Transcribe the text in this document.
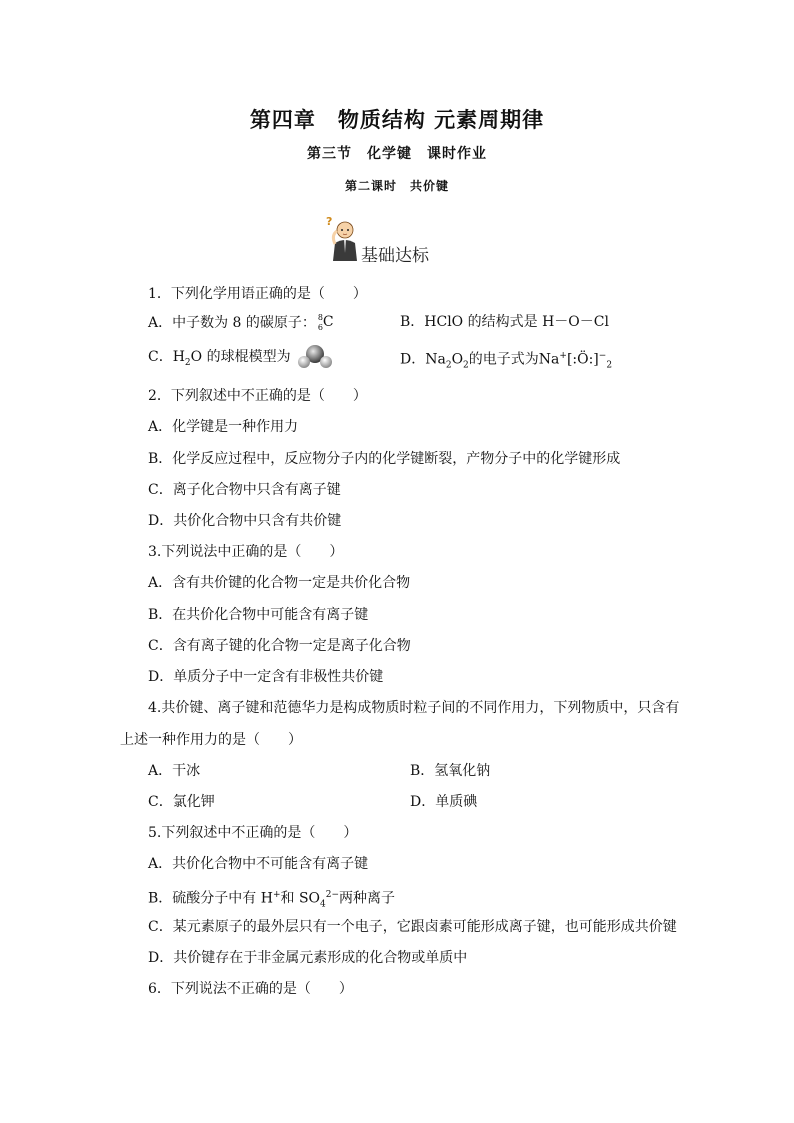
第四章　物质结构 元素周期律
第三节　化学键　课时作业
第二课时　共价键
?
基础达标
1．下列化学用语正确的是（　　）
A．中子数为 8 的碳原子： 8
6 C	B．HClO 的结构式是 H－O－Cl
C．$H_2O$ 的球棍模型为	D．$Na_2O_2$的电子式为$Na^+[:Ö:]^-_2$
2．下列叙述中不正确的是（　　）
A．化学键是一种作用力
B．化学反应过程中，反应物分子内的化学键断裂，产物分子中的化学键形成
C．离子化合物中只含有离子键
D．共价化合物中只含有共价键
3.下列说法中正确的是（　　）
A．含有共价键的化合物一定是共价化合物
B．在共价化合物中可能含有离子键
C．含有离子键的化合物一定是离子化合物
D．单质分子中一定含有非极性共价键
4.共价键、离子键和范德华力是构成物质时粒子间的不同作用力，下列物质中，只含有
上述一种作用力的是（　　）
A．干冰	B．氢氧化钠
C．氯化钾	D．单质碘
5.下列叙述中不正确的是（　　）
A．共价化合物中不可能含有离子键
B．硫酸分子中有 H+和 $SO_4^{2-}$两种离子
C．某元素原子的最外层只有一个电子，它跟卤素可能形成离子键，也可能形成共价键
D．共价键存在于非金属元素形成的化合物或单质中
6．下列说法不正确的是（　　）
